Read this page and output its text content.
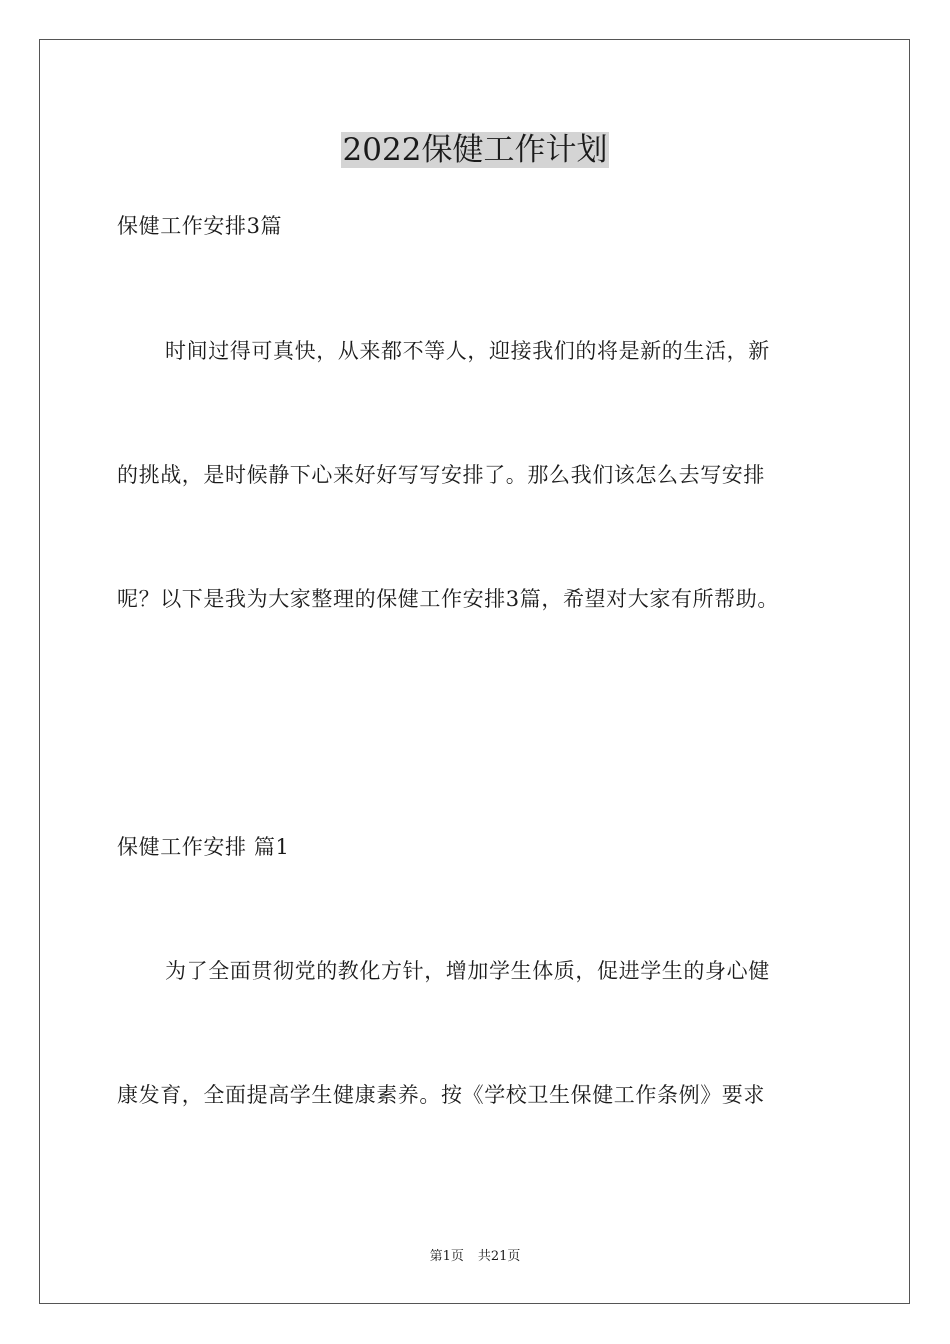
2022保健工作计划
保健工作安排3篇
时间过得可真快，从来都不等人，迎接我们的将是新的生活，新
的挑战，是时候静下心来好好写写安排了。那么我们该怎么去写安排
呢？以下是我为大家整理的保健工作安排3篇，希望对大家有所帮助。
保健工作安排 篇1
为了全面贯彻党的教化方针，增加学生体质，促进学生的身心健
康发育，全面提高学生健康素养。按《学校卫生保健工作条例》要求
第1页 共21页
